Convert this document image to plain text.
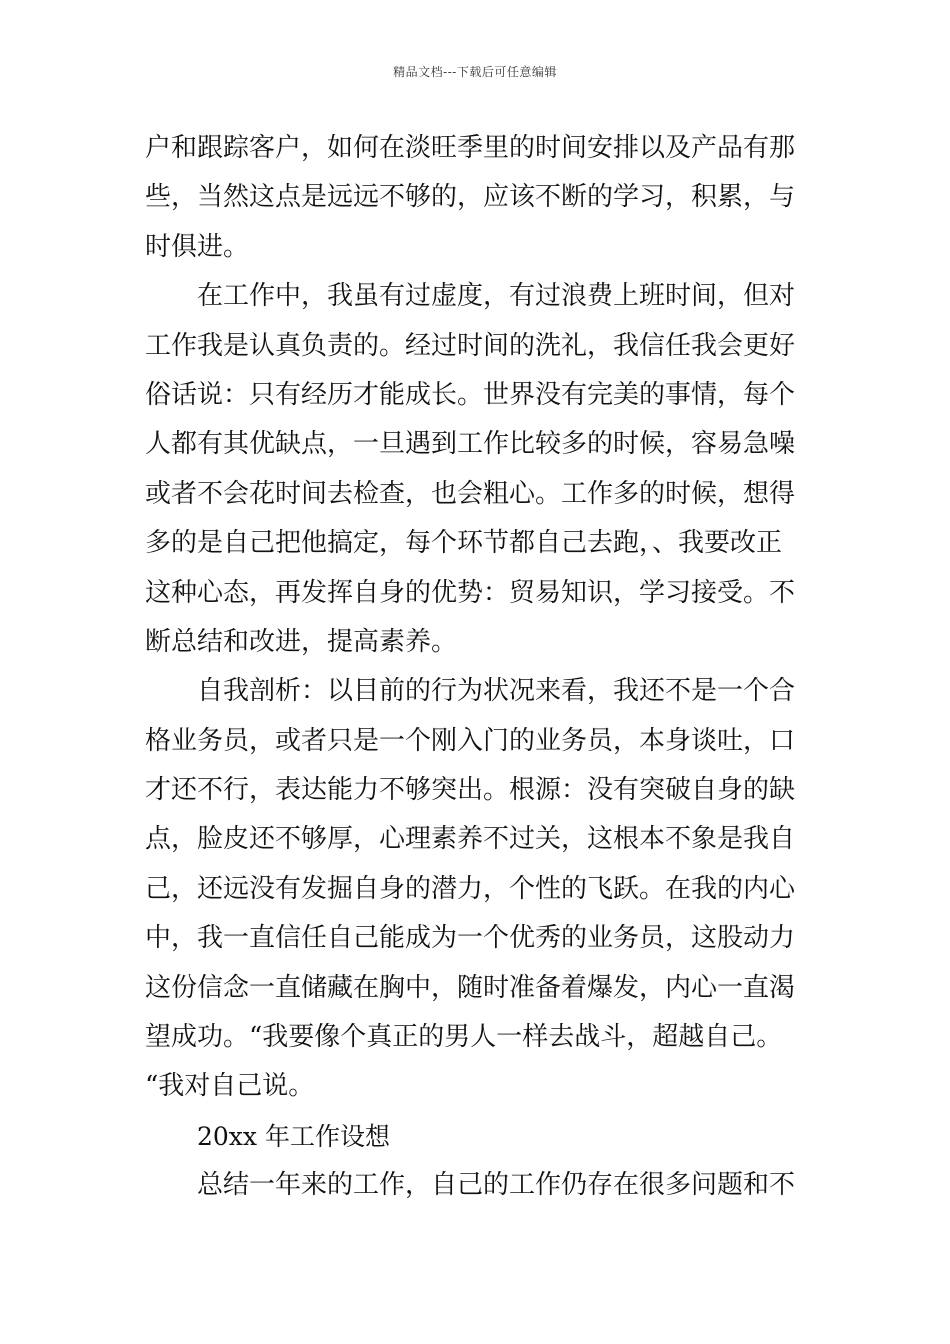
精品文档---下载后可任意编辑
户和跟踪客户，如何在淡旺季里的时间安排以及产品有那
些，当然这点是远远不够的，应该不断的学习，积累，与
时俱进。
在工作中，我虽有过虚度，有过浪费上班时间，但对
工作我是认真负责的。经过时间的洗礼，我信任我会更好
俗话说：只有经历才能成长。世界没有完美的事情，每个
人都有其优缺点，一旦遇到工作比较多的时候，容易急噪
或者不会花时间去检查，也会粗心。工作多的时候，想得
多的是自己把他搞定，每个环节都自己去跑，、我要改正
这种心态，再发挥自身的优势：贸易知识，学习接受。不
断总结和改进，提高素养。
自我剖析：以目前的行为状况来看，我还不是一个合
格业务员，或者只是一个刚入门的业务员，本身谈吐，口
才还不行，表达能力不够突出。根源：没有突破自身的缺
点，脸皮还不够厚，心理素养不过关，这根本不象是我自
己，还远没有发掘自身的潜力，个性的飞跃。在我的内心
中，我一直信任自己能成为一个优秀的业务员，这股动力
这份信念一直储藏在胸中，随时准备着爆发，内心一直渴
望成功。“我要像个真正的男人一样去战斗，超越自己。
“我对自己说。
20xx 年工作设想
总结一年来的工作，自己的工作仍存在很多问题和不
